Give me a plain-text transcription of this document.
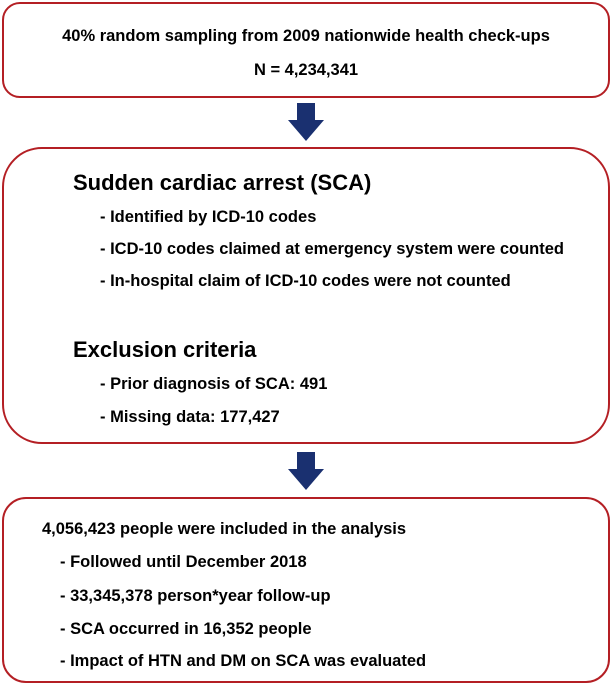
40% random sampling from 2009 nationwide health check-ups
N = 4,234,341
Sudden cardiac arrest (SCA)
- Identified by ICD-10 codes
- ICD-10 codes claimed at emergency system were counted
- In-hospital claim of ICD-10 codes were not counted
Exclusion criteria
- Prior diagnosis of SCA: 491
- Missing data: 177,427
4,056,423 people were included in the analysis
- Followed until December 2018
- 33,345,378 person*year follow-up
- SCA occurred in 16,352 people
- Impact of HTN and DM on SCA was evaluated
